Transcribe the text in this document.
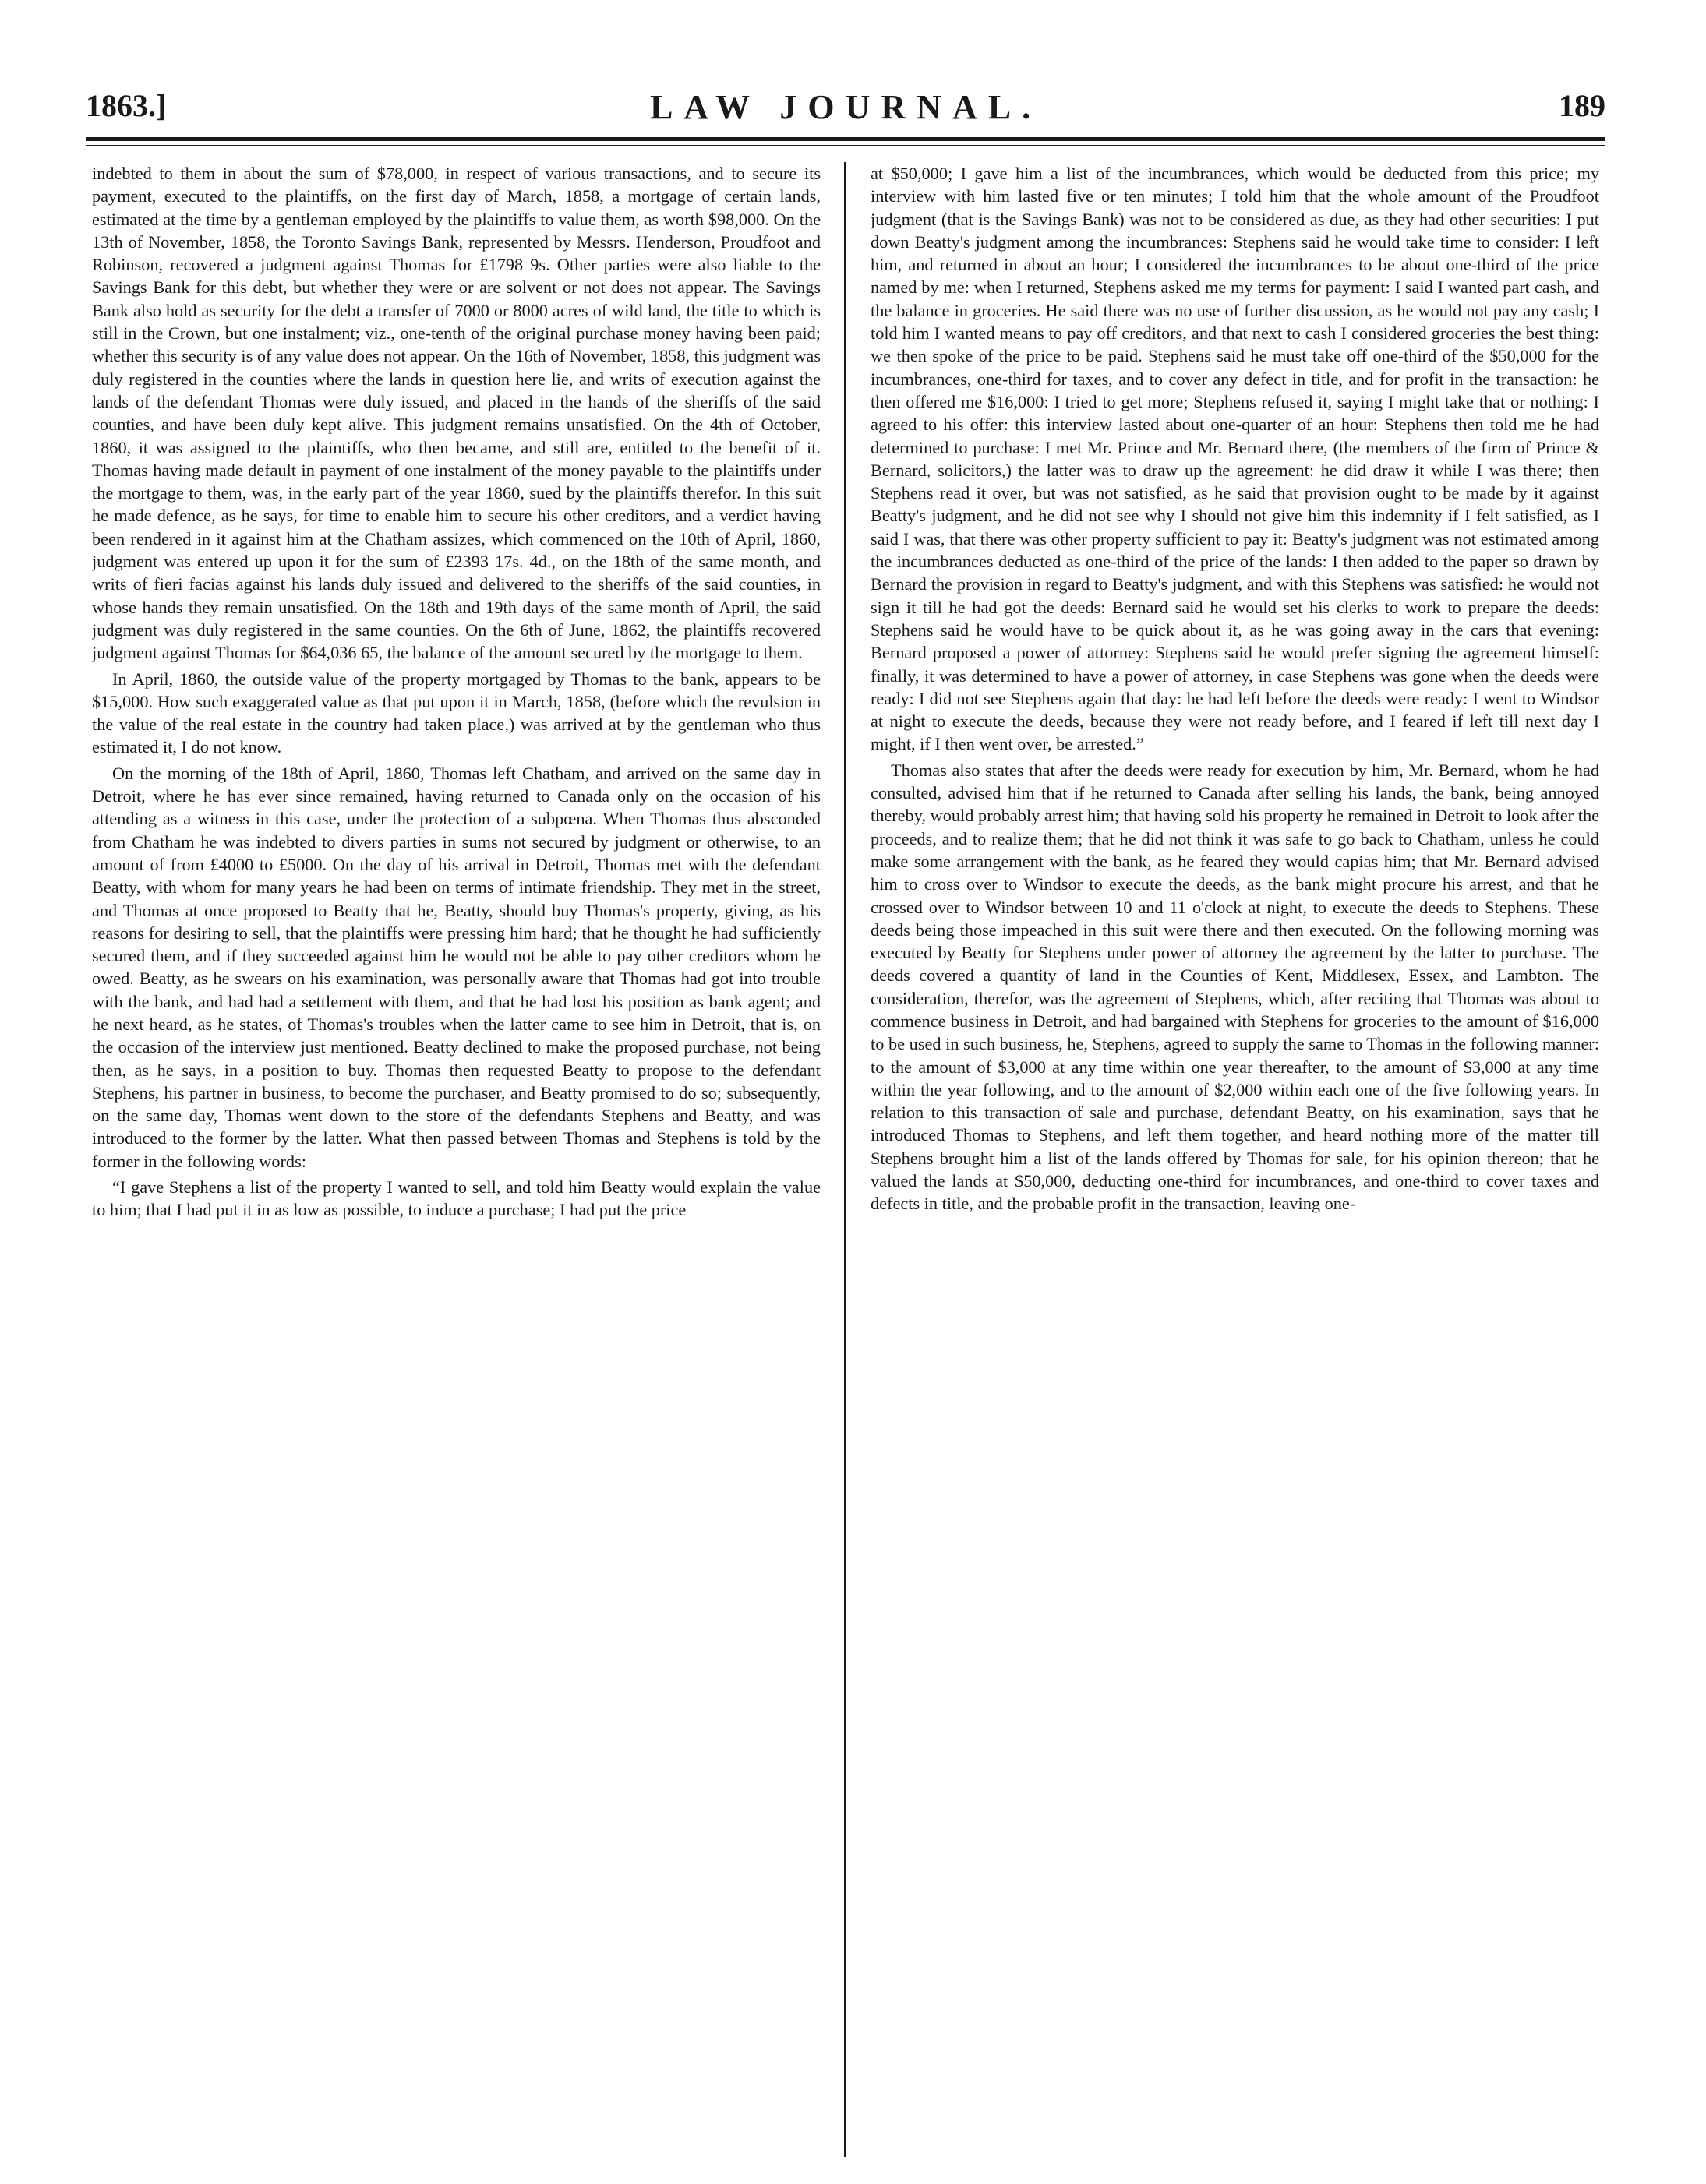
1863.]	LAW JOURNAL.	189

indebted to them in about the sum of $78,000, in respect of various transactions, and to secure its payment, executed to the plaintiffs, on the first day of March, 1858, a mortgage of certain lands, estimated at the time by a gentleman employed by the plaintiffs to value them, as worth $98,000. On the 13th of November, 1858, the Toronto Savings Bank, represented by Messrs. Henderson, Proudfoot and Robinson, recovered a judgment against Thomas for £1798 9s. Other parties were also liable to the Savings Bank for this debt, but whether they were or are solvent or not does not appear. The Savings Bank also hold as security for the debt a transfer of 7000 or 8000 acres of wild land, the title to which is still in the Crown, but one instalment; viz., one-tenth of the original purchase money having been paid; whether this security is of any value does not appear. On the 16th of November, 1858, this judgment was duly registered in the counties where the lands in question here lie, and writs of execution against the lands of the defendant Thomas were duly issued, and placed in the hands of the sheriffs of the said counties, and have been duly kept alive. This judgment remains unsatisfied. On the 4th of October, 1860, it was assigned to the plaintiffs, who then became, and still are, entitled to the benefit of it. Thomas having made default in payment of one instalment of the money payable to the plaintiffs under the mortgage to them, was, in the early part of the year 1860, sued by the plaintiffs therefor. In this suit he made defence, as he says, for time to enable him to secure his other creditors, and a verdict having been rendered in it against him at the Chatham assizes, which commenced on the 10th of April, 1860, judgment was entered up upon it for the sum of £2393 17s. 4d., on the 18th of the same month, and writs of fieri facias against his lands duly issued and delivered to the sheriffs of the said counties, in whose hands they remain unsatisfied. On the 18th and 19th days of the same month of April, the said judgment was duly registered in the same counties. On the 6th of June, 1862, the plaintiffs recovered judgment against Thomas for $64,036 65, the balance of the amount secured by the mortgage to them.

In April, 1860, the outside value of the property mortgaged by Thomas to the bank, appears to be $15,000. How such exaggerated value as that put upon it in March, 1858, (before which the revulsion in the value of the real estate in the country had taken place,) was arrived at by the gentleman who thus estimated it, I do not know.

On the morning of the 18th of April, 1860, Thomas left Chatham, and arrived on the same day in Detroit, where he has ever since remained, having returned to Canada only on the occasion of his attending as a witness in this case, under the protection of a subpœna. When Thomas thus absconded from Chatham he was indebted to divers parties in sums not secured by judgment or otherwise, to an amount of from £4000 to £5000. On the day of his arrival in Detroit, Thomas met with the defendant Beatty, with whom for many years he had been on terms of intimate friendship. They met in the street, and Thomas at once proposed to Beatty that he, Beatty, should buy Thomas's property, giving, as his reasons for desiring to sell, that the plaintiffs were pressing him hard; that he thought he had sufficiently secured them, and if they succeeded against him he would not be able to pay other creditors whom he owed. Beatty, as he swears on his examination, was personally aware that Thomas had got into trouble with the bank, and had had a settlement with them, and that he had lost his position as bank agent; and he next heard, as he states, of Thomas's troubles when the latter came to see him in Detroit, that is, on the occasion of the interview just mentioned. Beatty declined to make the proposed purchase, not being then, as he says, in a position to buy. Thomas then requested Beatty to propose to the defendant Stephens, his partner in business, to become the purchaser, and Beatty promised to do so; subsequently, on the same day, Thomas went down to the store of the defendants Stephens and Beatty, and was introduced to the former by the latter. What then passed between Thomas and Stephens is told by the former in the following words:

“I gave Stephens a list of the property I wanted to sell, and told him Beatty would explain the value to him; that I had put it in as low as possible, to induce a purchase; I had put the price

at $50,000; I gave him a list of the incumbrances, which would be deducted from this price; my interview with him lasted five or ten minutes; I told him that the whole amount of the Proudfoot judgment (that is the Savings Bank) was not to be considered as due, as they had other securities: I put down Beatty's judgment among the incumbrances: Stephens said he would take time to consider: I left him, and returned in about an hour; I considered the incumbrances to be about one-third of the price named by me: when I returned, Stephens asked me my terms for payment: I said I wanted part cash, and the balance in groceries. He said there was no use of further discussion, as he would not pay any cash; I told him I wanted means to pay off creditors, and that next to cash I considered groceries the best thing: we then spoke of the price to be paid. Stephens said he must take off one-third of the $50,000 for the incumbrances, one-third for taxes, and to cover any defect in title, and for profit in the transaction: he then offered me $16,000: I tried to get more; Stephens refused it, saying I might take that or nothing: I agreed to his offer: this interview lasted about one-quarter of an hour: Stephens then told me he had determined to purchase: I met Mr. Prince and Mr. Bernard there, (the members of the firm of Prince & Bernard, solicitors,) the latter was to draw up the agreement: he did draw it while I was there; then Stephens read it over, but was not satisfied, as he said that provision ought to be made by it against Beatty's judgment, and he did not see why I should not give him this indemnity if I felt satisfied, as I said I was, that there was other property sufficient to pay it: Beatty's judgment was not estimated among the incumbrances deducted as one-third of the price of the lands: I then added to the paper so drawn by Bernard the provision in regard to Beatty's judgment, and with this Stephens was satisfied: he would not sign it till he had got the deeds: Bernard said he would set his clerks to work to prepare the deeds: Stephens said he would have to be quick about it, as he was going away in the cars that evening: Bernard proposed a power of attorney: Stephens said he would prefer signing the agreement himself: finally, it was determined to have a power of attorney, in case Stephens was gone when the deeds were ready: I did not see Stephens again that day: he had left before the deeds were ready: I went to Windsor at night to execute the deeds, because they were not ready before, and I feared if left till next day I might, if I then went over, be arrested.”

Thomas also states that after the deeds were ready for execution by him, Mr. Bernard, whom he had consulted, advised him that if he returned to Canada after selling his lands, the bank, being annoyed thereby, would probably arrest him; that having sold his property he remained in Detroit to look after the proceeds, and to realize them; that he did not think it was safe to go back to Chatham, unless he could make some arrangement with the bank, as he feared they would capias him; that Mr. Bernard advised him to cross over to Windsor to execute the deeds, as the bank might procure his arrest, and that he crossed over to Windsor between 10 and 11 o'clock at night, to execute the deeds to Stephens. These deeds being those impeached in this suit were there and then executed. On the following morning was executed by Beatty for Stephens under power of attorney the agreement by the latter to purchase. The deeds covered a quantity of land in the Counties of Kent, Middlesex, Essex, and Lambton. The consideration, therefor, was the agreement of Stephens, which, after reciting that Thomas was about to commence business in Detroit, and had bargained with Stephens for groceries to the amount of $16,000 to be used in such business, he, Stephens, agreed to supply the same to Thomas in the following manner: to the amount of $3,000 at any time within one year thereafter, to the amount of $3,000 at any time within the year following, and to the amount of $2,000 within each one of the five following years. In relation to this transaction of sale and purchase, defendant Beatty, on his examination, says that he introduced Thomas to Stephens, and left them together, and heard nothing more of the matter till Stephens brought him a list of the lands offered by Thomas for sale, for his opinion thereon; that he valued the lands at $50,000, deducting one-third for incumbrances, and one-third to cover taxes and defects in title, and the probable profit in the transaction, leaving one-
